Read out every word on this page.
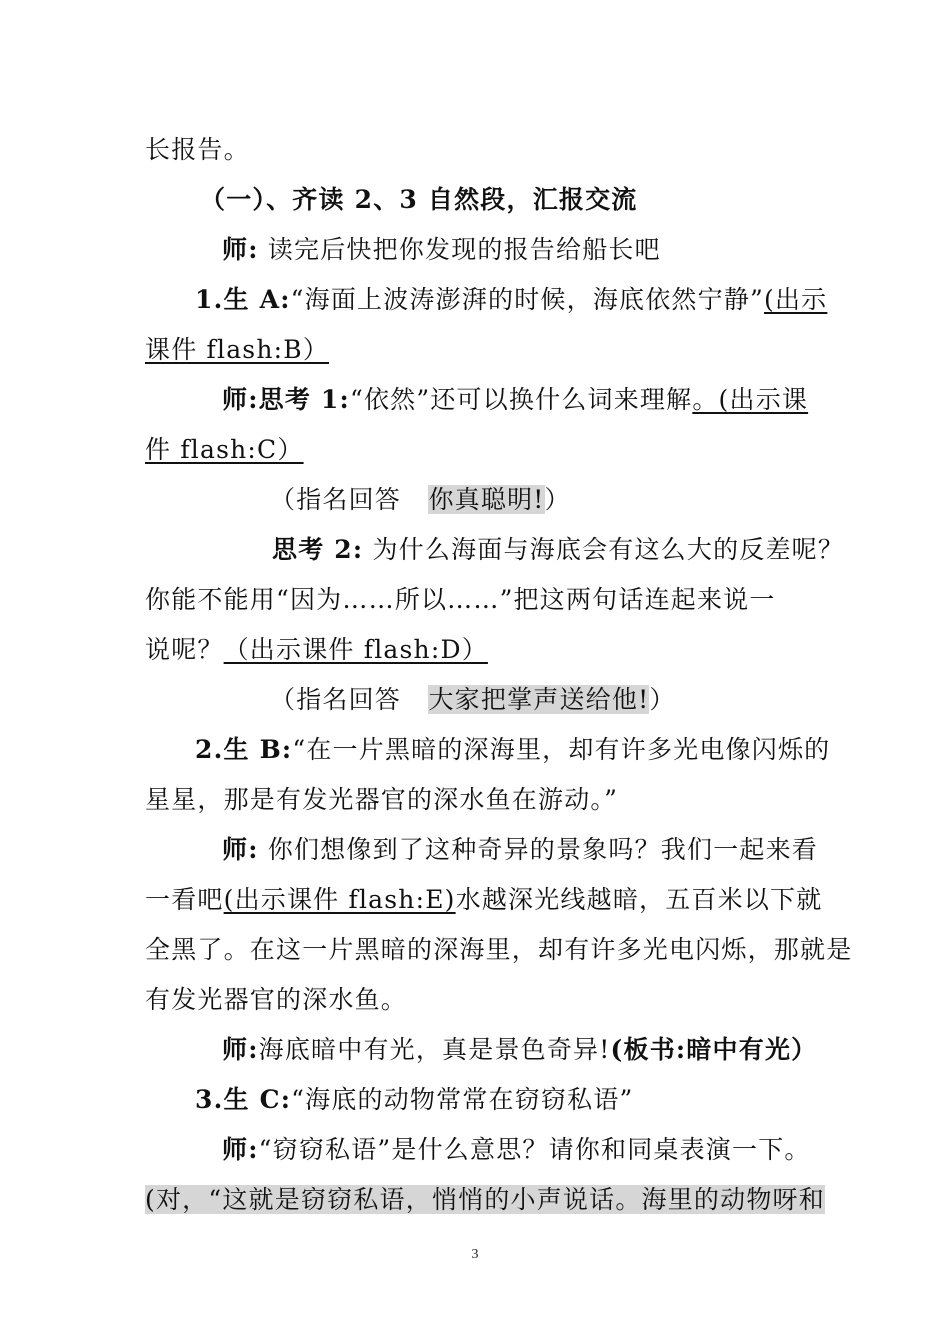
长报告。
（一）、齐读 2、3 自然段，汇报交流
师: 读完后快把你发现的报告给船长吧
1.生 A:“海面上波涛澎湃的时候，海底依然宁静”(出示
课件 flash:B）
师:思考 1:“依然”还可以换什么词来理解。(出示课
件 flash:C）
（指名回答 你真聪明!）
思考 2: 为什么海面与海底会有这么大的反差呢？
你能不能用“因为……所以……”把这两句话连起来说一
说呢？（出示课件 flash:D）
（指名回答 大家把掌声送给他!）
2.生 B:“在一片黑暗的深海里，却有许多光电像闪烁的
星星，那是有发光器官的深水鱼在游动。”
师: 你们想像到了这种奇异的景象吗？我们一起来看
一看吧(出示课件 flash:E)水越深光线越暗，五百米以下就
全黑了。在这一片黑暗的深海里，却有许多光电闪烁，那就是
有发光器官的深水鱼。
师:海底暗中有光，真是景色奇异!(板书:暗中有光）
3.生 C:“海底的动物常常在窃窃私语”
师:“窃窃私语”是什么意思？请你和同桌表演一下。
(对，“这就是窃窃私语，悄悄的小声说话。海里的动物呀和
3
